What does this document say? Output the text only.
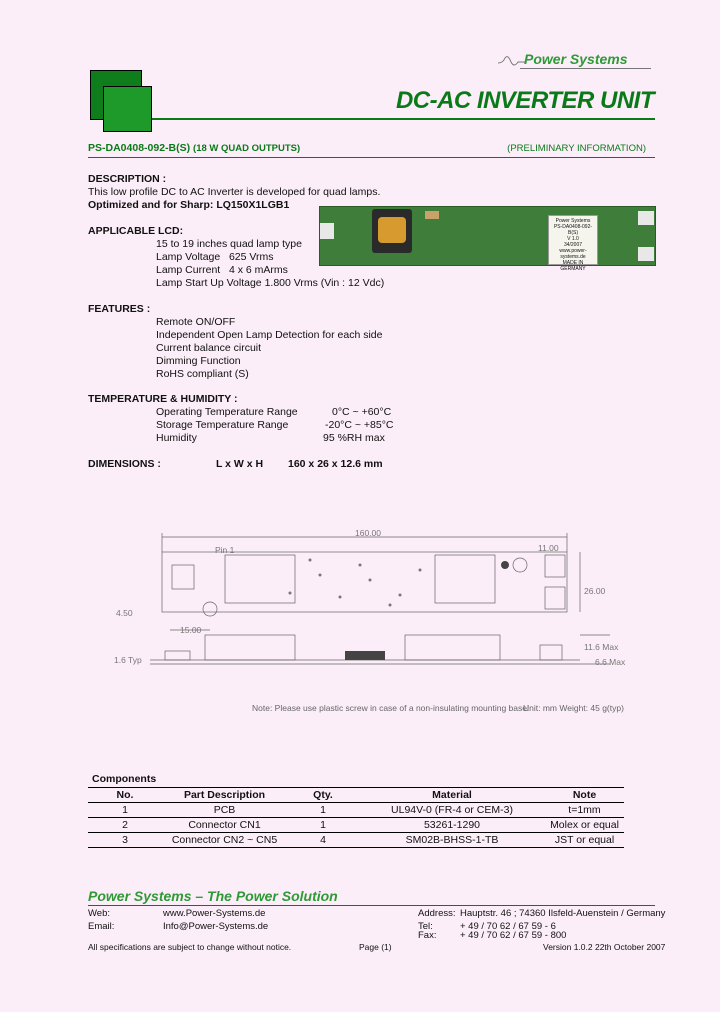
Power Systems
DC-AC INVERTER UNIT
PS-DA0408-092-B(S) (18 W QUAD OUTPUTS)	(PRELIMINARY INFORMATION)
DESCRIPTION :
This low profile DC to AC Inverter is developed for quad lamps.
Optimized and for Sharp: LQ150X1LGB1
Power Systems
PS-DA0408-092-B(S)
V 1.0
34/2007
www.power-systems.de
MADE IN GERMANY
APPLICABLE LCD:
15 to 19 inches quad lamp type
Lamp Voltage   625 Vrms
Lamp Current   4 x 6 mArms
Lamp Start Up Voltage 1.800 Vrms (Vin : 12 Vdc)
FEATURES :
Remote ON/OFF
Independent Open Lamp Detection for each side
Current balance circuit
Dimming Function
RoHS compliant (S)
TEMPERATURE & HUMIDITY :
Operating Temperature Range	0°C ~ +60°C
Storage Temperature Range	-20°C ~ +85°C
Humidity	95 %RH max
DIMENSIONS :	L x W x H 160 x 26 x 12.6 mm
160.00
11.00
26.00
4.50
15.00
Pin 1
11.6 Max
6.6 Max
1.6 Typ
Note: Please use plastic screw in case of a non-insulating mounting base!
Unit: mm Weight: 45 g(typ)
Components
No.	Part Description	Qty.	Material	Note
1	PCB	1	UL94V-0 (FR-4 or CEM-3)	t=1mm
2	Connector CN1	1	53261-1290	Molex or equal
3	Connector CN2 ~ CN5	4	SM02B-BHSS-1-TB	JST or equal
Power Systems – The Power Solution
Web:	www.Power-Systems.de
Email:	Info@Power-Systems.de
Address: Hauptstr. 46 ; 74360 Ilsfeld-Auenstein / Germany
Tel:	+ 49 / 70 62 / 67 59 - 6
Fax: + 49 / 70 62 / 67 59 - 800
All specifications are subject to change without notice.	Page (1)	Version 1.0.2 22th October 2007
